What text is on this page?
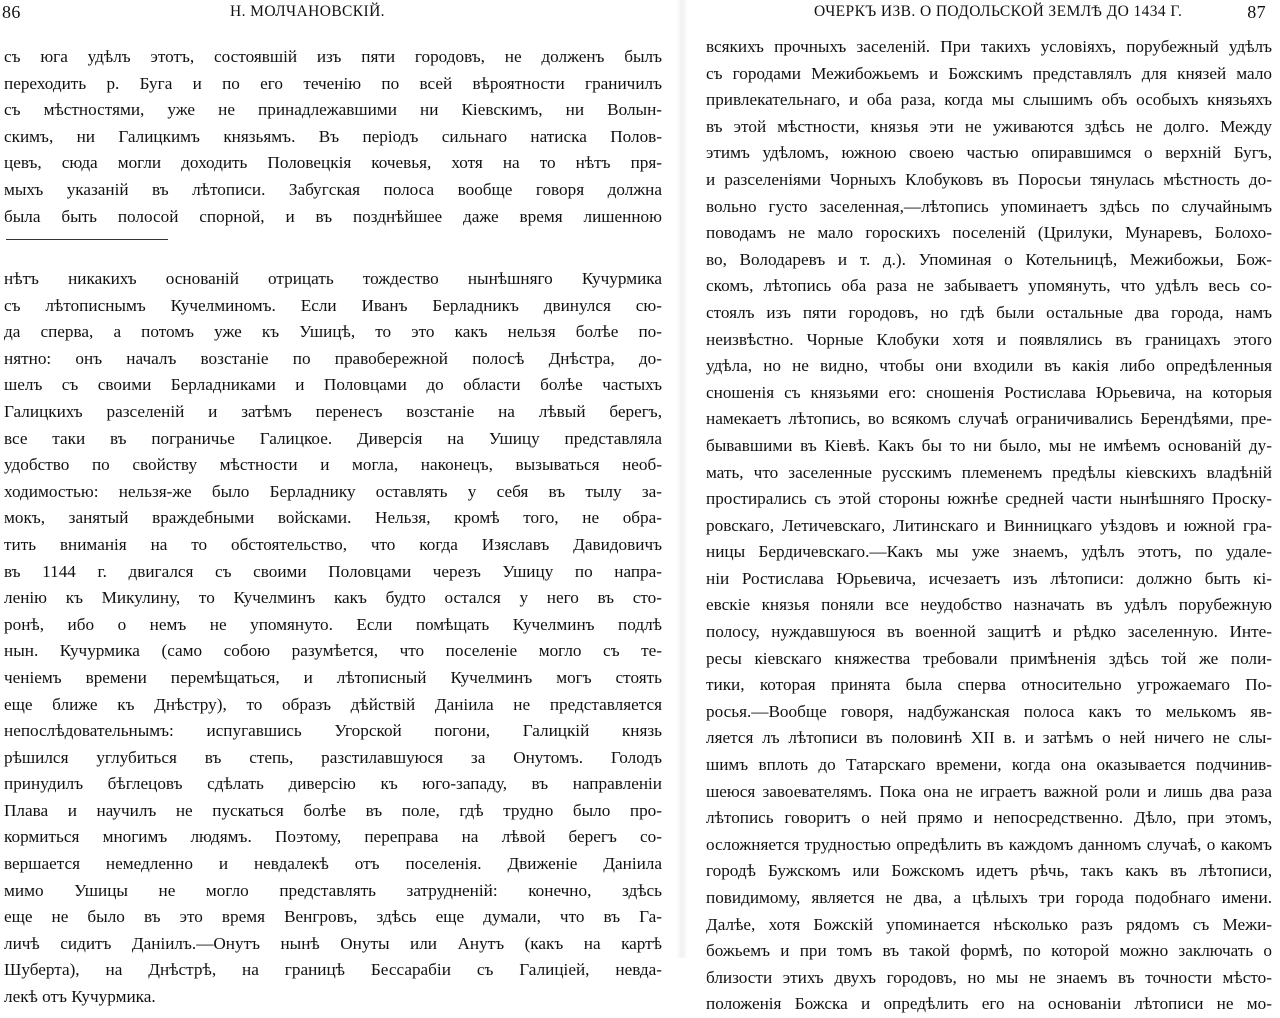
86	Н. МОЛЧАНОВСКІЙ.
съ юга удѣлъ этотъ, состоявшій изъ пяти городовъ, не долженъ былъ
переходить р. Буга и по его теченію по всей вѣроятности граничилъ
съ мѣстностями, уже не принадлежавшими ни Кіевскимъ, ни Волын-
скимъ, ни Галицкимъ князьямъ. Въ періодъ сильнаго натиска Полов-
цевъ, сюда могли доходить Половецкія кочевья, хотя на то нѣтъ пря-
мыхъ указаній въ лѣтописи. Забугская полоса вообще говоря должна
была быть полосой спорной, и въ позднѣйшее даже время лишенною
нѣтъ никакихъ основаній отрицать тождество нынѣшняго Кучурмика
съ лѣтописнымъ Кучелминомъ. Если Иванъ Берладникъ двинулся сю-
да сперва, а потомъ уже къ Ушицѣ, то это какъ нельзя болѣе по-
нятно: онъ началъ возстаніе по правобережной полосѣ Днѣстра, до-
шелъ съ своими Берладниками и Половцами до области болѣе частыхъ
Галицкихъ разселеній и затѣмъ перенесъ возстаніе на лѣвый берегъ,
все таки въ пограничье Галицкое. Диверсія на Ушицу представляла
удобство по свойству мѣстности и могла, наконецъ, вызываться необ-
ходимостью: нельзя-же было Берладнику оставлять у себя въ тылу за-
мокъ, занятый враждебными войсками. Нельзя, кромѣ того, не обра-
тить вниманія на то обстоятельство, что когда Изяславъ Давидовичъ
въ 1144 г. двигался съ своими Половцами черезъ Ушицу по напра-
ленію къ Микулину, то Кучелминъ какъ будто остался у него въ сто-
ронѣ, ибо о немъ не упомянуто. Если помѣщать Кучелминъ подлѣ
нын. Кучурмика (само собою разумѣется, что поселеніе могло съ те-
ченіемъ времени перемѣщаться, и лѣтописный Кучелминъ могъ стоять
еще ближе къ Днѣстру), то образъ дѣйствій Даніила не представляется
непослѣдовательнымъ: испугавшись Угорской погони, Галицкій князь
рѣшился углубиться въ степь, разстилавшуюся за Онутомъ. Голодъ
принудилъ бѣглецовъ сдѣлать диверсію къ юго-западу, въ направленіи
Плава и научилъ не пускаться болѣе въ поле, гдѣ трудно было про-
кормиться многимъ людямъ. Поэтому, переправа на лѣвой берегъ со-
вершается немедленно и невдалекѣ отъ поселенія. Движеніе Даніила
мимо Ушицы не могло представлять затрудненій: конечно, здѣсь
еще не было въ это время Венгровъ, здѣсь еще думали, что въ Га-
личѣ сидитъ Даніилъ.—Онутъ нынѣ Онуты или Анутъ (какъ на картѣ
Шуберта), на Днѣстрѣ, на границѣ Бессарабіи съ Галиціей, невда-
лекѣ отъ Кучурмика.
ОЧЕРКЪ ИЗВ. О ПОДОЛЬСКОЙ ЗЕМЛѢ ДО 1434 Г.	87
всякихъ прочныхъ заселеній. При такихъ условіяхъ, порубежный удѣлъ
съ городами Межибожьемъ и Божскимъ представлялъ для князей мало
привлекательнаго, и оба раза, когда мы слышимъ объ особыхъ князьяхъ
въ этой мѣстности, князья эти не уживаются здѣсь не долго. Между
этимъ удѣломъ, южною своею частью опиравшимся о верхній Бугъ,
и разселеніями Чорныхъ Клобуковъ въ Поросьи тянулась мѣстность до-
вольно густо заселенная,—лѣтопись упоминаетъ здѣсь по случайнымъ
поводамъ не мало гороскихъ поселеній (Црилуки, Мунаревъ, Болохо-
во, Володаревъ и т. д.). Упоминая о Котельницѣ, Межибожьи, Бож-
скомъ, лѣтопись оба раза не забываетъ упомянуть, что удѣлъ весь со-
стоялъ изъ пяти городовъ, но гдѣ были остальные два города, намъ
неизвѣстно. Чорные Клобуки хотя и появлялись въ границахъ этого
удѣла, но не видно, чтобы они входили въ какія либо опредѣленныя
сношенія съ князьями его: сношенія Ростислава Юрьевича, на которыя
намекаетъ лѣтопись, во всякомъ случаѣ ограничивались Берендѣями, пре-
бывавшими въ Кіевѣ. Какъ бы то ни было, мы не имѣемъ основаній ду-
мать, что заселенные русскимъ племенемъ предѣлы кіевскихъ владѣній
простирались съ этой стороны южнѣе средней части нынѣшняго Проску-
ровскаго, Летичевскаго, Литинскаго и Винницкаго уѣздовъ и южной гра-
ницы Бердичевскаго.—Какъ мы уже знаемъ, удѣлъ этотъ, по удале-
ніи Ростислава Юрьевича, исчезаетъ изъ лѣтописи: должно быть кі-
евскіе князья поняли все неудобство назначать въ удѣлъ порубежную
полосу, нуждавшуюся въ военной защитѣ и рѣдко заселенную. Инте-
ресы кіевскаго княжества требовали примѣненія здѣсь той же поли-
тики, которая принята была сперва относительно угрожаемаго По-
росья.—Вообще говоря, надбужанская полоса какъ то мелькомъ яв-
ляется лъ лѣтописи въ половинѣ XII в. и затѣмъ о ней ничего не слы-
шимъ вплоть до Татарскаго времени, когда она оказывается подчинив-
шеюся завоевателямъ. Пока она не играетъ важной роли и лишь два раза
лѣтопись говоритъ о ней прямо и непосредственно. Дѣло, при этомъ,
осложняется трудностью опредѣлить въ каждомъ данномъ случаѣ, о какомъ
городѣ Бужскомъ или Божскомъ идетъ рѣчь, такъ какъ въ лѣтописи,
повидимому, является не два, а цѣлыхъ три города подобнаго имени.
Далѣе, хотя Божскій упоминается нѣсколько разъ рядомъ съ Межи-
божьемъ и при томъ въ такой формѣ, по которой можно заключать о
близости этихъ двухъ городовъ, но мы не знаемъ въ точности мѣсто-
положенія Божска и опредѣлить его на основаніи лѣтописи не мо-
